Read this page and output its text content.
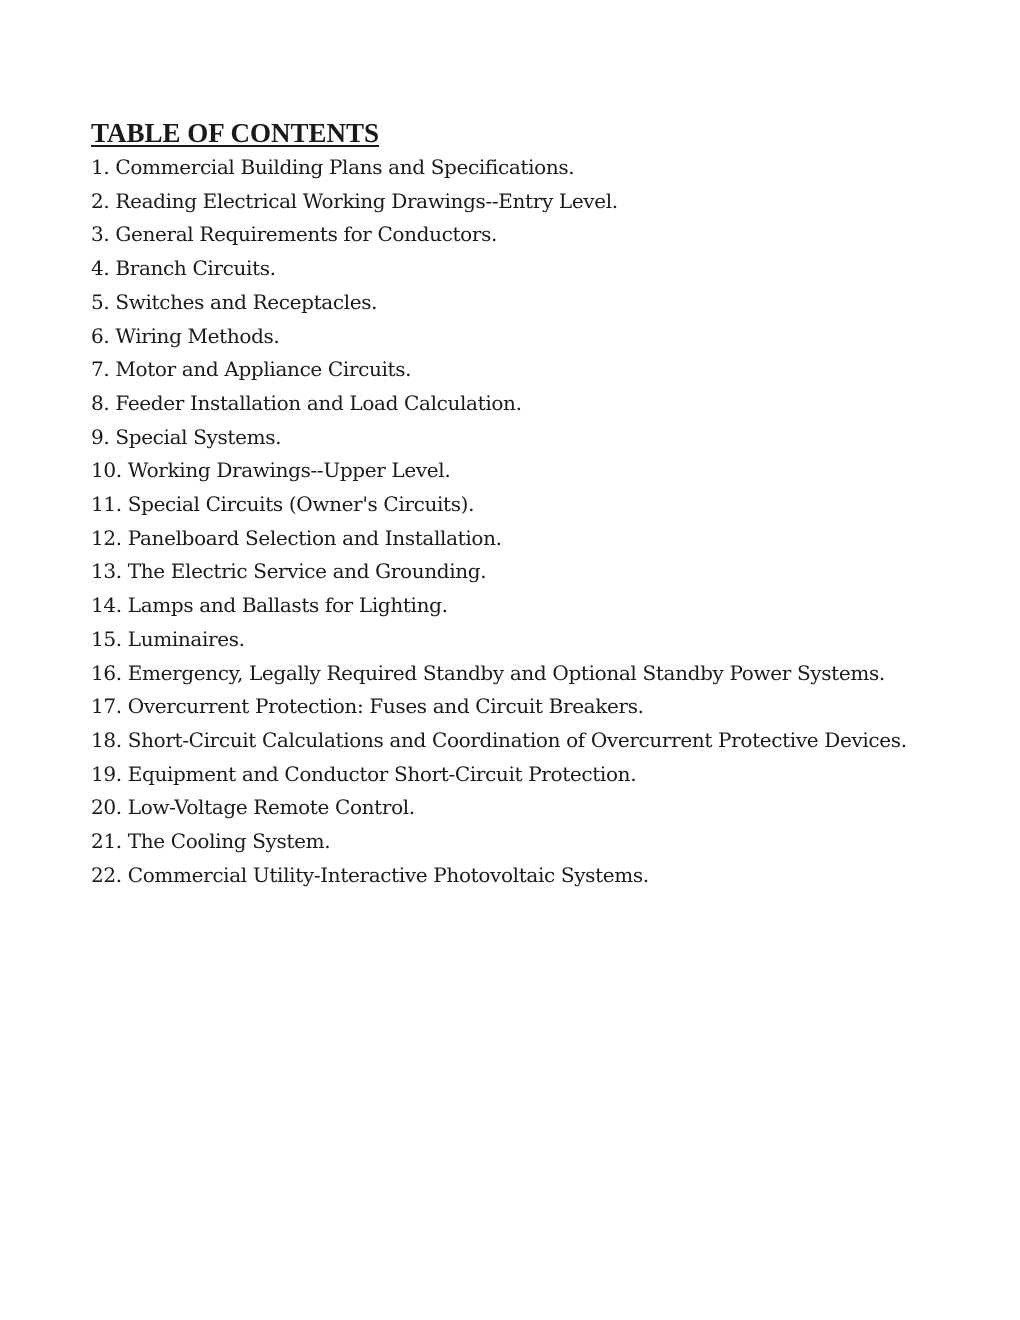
TABLE OF CONTENTS
1. Commercial Building Plans and Specifications.
2. Reading Electrical Working Drawings--Entry Level.
3. General Requirements for Conductors.
4. Branch Circuits.
5. Switches and Receptacles.
6. Wiring Methods.
7. Motor and Appliance Circuits.
8. Feeder Installation and Load Calculation.
9. Special Systems.
10. Working Drawings--Upper Level.
11. Special Circuits (Owner's Circuits).
12. Panelboard Selection and Installation.
13. The Electric Service and Grounding.
14. Lamps and Ballasts for Lighting.
15. Luminaires.
16. Emergency, Legally Required Standby and Optional Standby Power Systems.
17. Overcurrent Protection: Fuses and Circuit Breakers.
18. Short-Circuit Calculations and Coordination of Overcurrent Protective Devices.
19. Equipment and Conductor Short-Circuit Protection.
20. Low-Voltage Remote Control.
21. The Cooling System.
22. Commercial Utility-Interactive Photovoltaic Systems.
